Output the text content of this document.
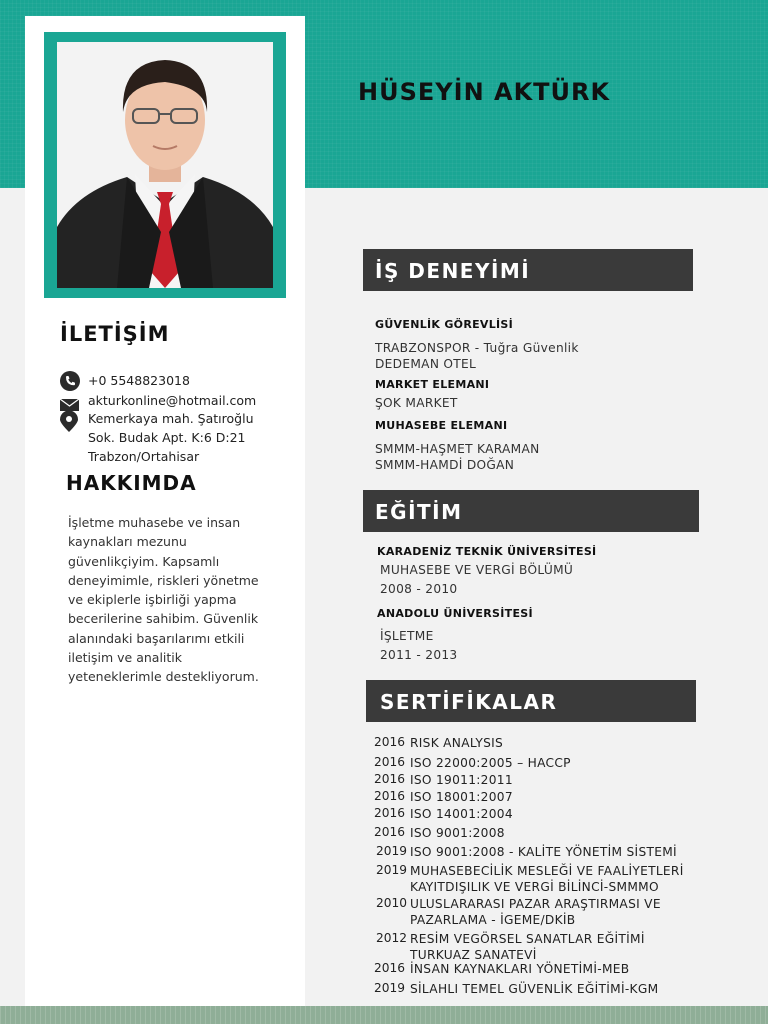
HÜSEYİN AKTÜRK
İLETİŞİM
+0 5548823018
akturkonline@hotmail.com
Kemerkaya mah. Şatıroğlu
Sok. Budak Apt. K:6 D:21
Trabzon/Ortahisar
HAKKIMDA
İşletme muhasebe ve insan
kaynakları mezunu
güvenlikçiyim. Kapsamlı
deneyimimle, riskleri yönetme
ve ekiplerle işbirliği yapma
becerilerine sahibim. Güvenlik
alanındaki başarılarımı etkili
iletişim ve analitik
yeteneklerimle destekliyorum.
İŞ DENEYİMİ
GÜVENLİK GÖREVLİSİ
TRABZONSPOR - Tuğra Güvenlik
DEDEMAN OTEL
MARKET ELEMANI
ŞOK MARKET
MUHASEBE ELEMANI
SMMM-HAŞMET KARAMAN
SMMM-HAMDİ DOĞAN
EĞİTİM
KARADENİZ TEKNİK ÜNİVERSİTESİ
MUHASEBE VE VERGİ BÖLÜMÜ
2008 - 2010
ANADOLU ÜNİVERSİTESİ
İŞLETME
2011 - 2013
SERTİFİKALAR
2016 RISK ANALYSIS
2016 ISO 22000:2005 – HACCP
2016 ISO 19011:2011
2016 ISO 18001:2007
2016 ISO 14001:2004
2016 ISO 9001:2008
2019 ISO 9001:2008 - KALİTE YÖNETİM SİSTEMİ
2019 MUHASEBECİLİK MESLEĞİ VE FAALİYETLERİ KAYITDIŞILIK VE VERGİ BİLİNCİ-SMMMO
2010 ULUSLARARASI PAZAR ARAŞTIRMASI VE PAZARLAMA - İGEME/DKİB
2012 RESİM VEGÖRSEL SANATLAR EĞİTİMİ TURKUAZ SANATEVİ
2016 İNSAN KAYNAKLARI YÖNETİMİ-MEB
2019 SİLAHLI TEMEL GÜVENLİK EĞİTİMİ-KGM
